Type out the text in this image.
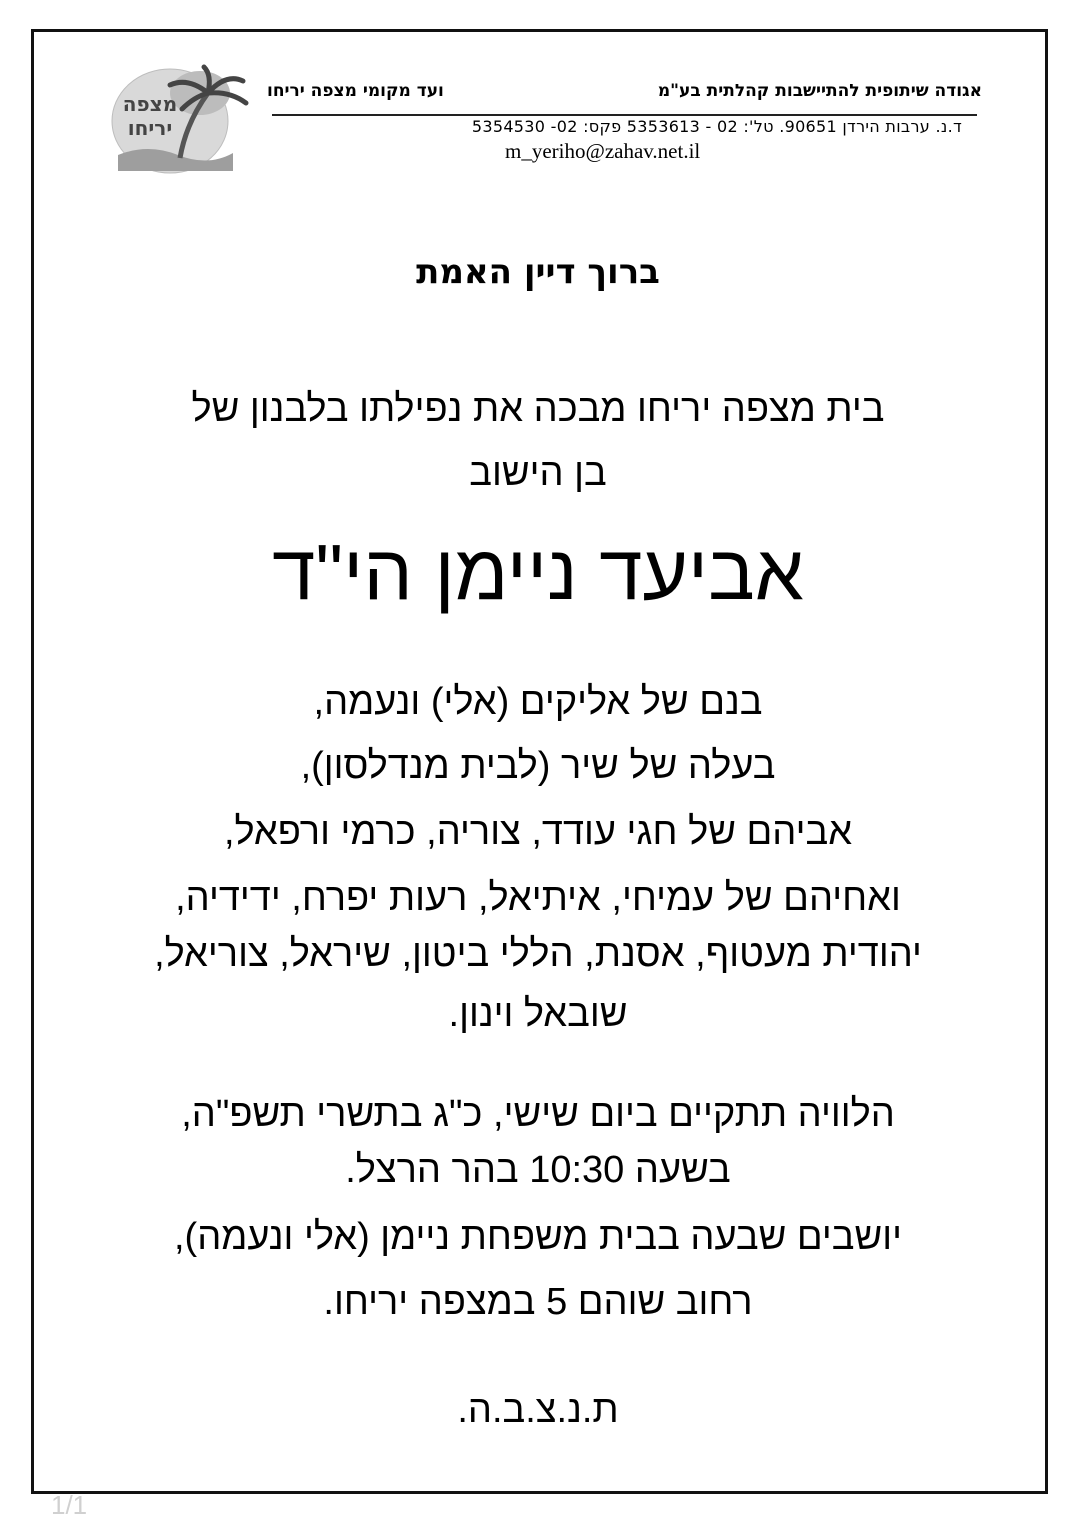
מצפה
יריחו
אגודה שיתופית להתיישבות קהלתית בע"מ
ועד מקומי מצפה יריחו
ד.נ. ערבות הירדן 90651. טל': 02 - 5353613 פקס: 02- 5354530
m_yeriho@zahav.net.il
ברוך דיין האמת
בית מצפה יריחו מבכה את נפילתו בלבנון של
בן הישוב
אביעד ניימן הי"ד
בנם של אליקים (אלי) ונעמה,
בעלה של שיר (לבית מנדלסון),
אביהם של חגי עודד, צוריה, כרמי ורפאל,
ואחיהם של עמיחי, איתיאל, רעות יפרח, ידידיה,
יהודית מעטוף, אסנת, הללי ביטון, שיראל, צוריאל,
שובאל וינון.
הלוויה תתקיים ביום שישי, כ"ג בתשרי תשפ"ה,
בשעה 10:30 בהר הרצל.
יושבים שבעה בבית משפחת ניימן (אלי ונעמה),
רחוב שוהם 5 במצפה יריחו.
ת.נ.צ.ב.ה.
1/1
